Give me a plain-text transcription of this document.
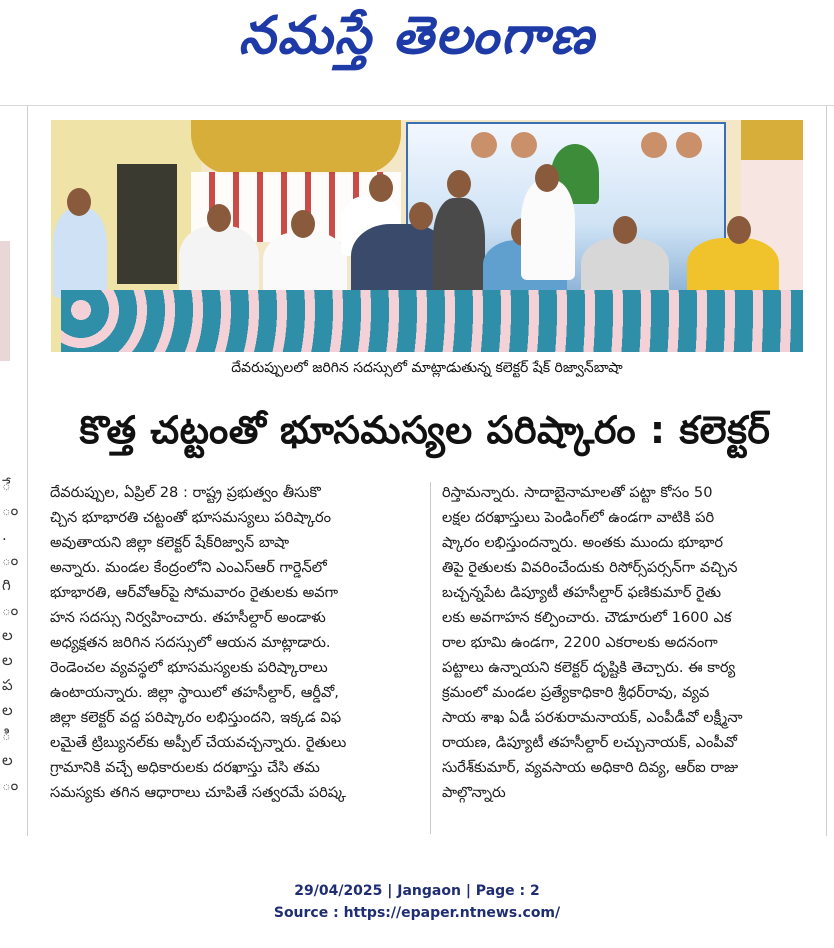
నమస్తే తెలంగాణ
ే
ం
.
ం
గి
ం
ల
ల
ప
ల
ి
ల
ం
దేవరుప్పులలో జరిగిన సదస్సులో మాట్లాడుతున్న కలెక్టర్ షేక్ రిజ్వాన్‌బాషా
కొత్త చట్టంతో భూసమస్యల పరిష్కారం : కలెక్టర్

దేవరుప్పుల, ఏప్రిల్ 28 : రాష్ట్ర ప్రభుత్వం తీసుకొ

చ్చిన భూభారతి చట్టంతో భూసమస్యలు పరిష్కారం

అవుతాయని జిల్లా కలెక్టర్ షేక్‌రిజ్వాన్ బాషా

అన్నారు. మండల కేంద్రంలోని ఎంఎస్‌ఆర్ గార్డెన్‌లో

భూభారతి, ఆర్‌వోఆర్‌పై సోమవారం రైతులకు అవగా

హన సదస్సు నిర్వహించారు. తహసీల్దార్ అండాళు

అధ్యక్షతన జరిగిన సదస్సులో ఆయన మాట్లాడారు.

రెండెంచల వ్యవస్థలో భూసమస్యలకు పరిష్కారాలు

ఉంటాయన్నారు. జిల్లా స్థాయిలో తహసీల్దార్, ఆర్డీవో,

జిల్లా కలెక్టర్ వద్ద పరిష్కారం లభిస్తుందని, ఇక్కడ విఫ

లమైతే ట్రిబ్యునల్‌కు అప్పీల్ చేయవచ్చన్నారు. రైతులు

గ్రామానికి వచ్చే అధికారులకు దరఖాస్తు చేసి తమ

సమస్యకు తగిన ఆధారాలు చూపితే సత్వరమే పరిష్క

రిస్తామన్నారు. సాదాబైనామాలతో పట్టా కోసం 50

లక్షల దరఖాస్తులు పెండింగ్‌లో ఉండగా వాటికి పరి

ష్కారం లభిస్తుందన్నారు. అంతకు ముందు భూభార

తిపై రైతులకు వివరించేందుకు రిసోర్స్‌పర్సన్‌గా వచ్చిన

బచ్చన్నపేట డిప్యూటీ తహసీల్దార్ ఫణికుమార్ రైతు

లకు అవగాహన కల్పించారు. చౌడూరులో 1600 ఎక

రాల భూమి ఉండగా, 2200 ఎకరాలకు అదనంగా

పట్టాలు ఉన్నాయని కలెక్టర్ దృష్టికి తెచ్చారు. ఈ కార్య

క్రమంలో మండల ప్రత్యేకాధికారి శ్రీధర్‌రావు, వ్యవ

సాయ శాఖ ఏడీ పరశురామనాయక్, ఎంపీడీవో లక్ష్మీనా

రాయణ, డిప్యూటీ తహసీల్దార్ లచ్చునాయక్, ఎంపీవో

సురేశ్‌కుమార్, వ్యవసాయ అధికారి దివ్య, ఆర్ఐ రాజు

పాల్గొన్నారు

29/04/2025 | Jangaon | Page : 2
Source : https://epaper.ntnews.com/
